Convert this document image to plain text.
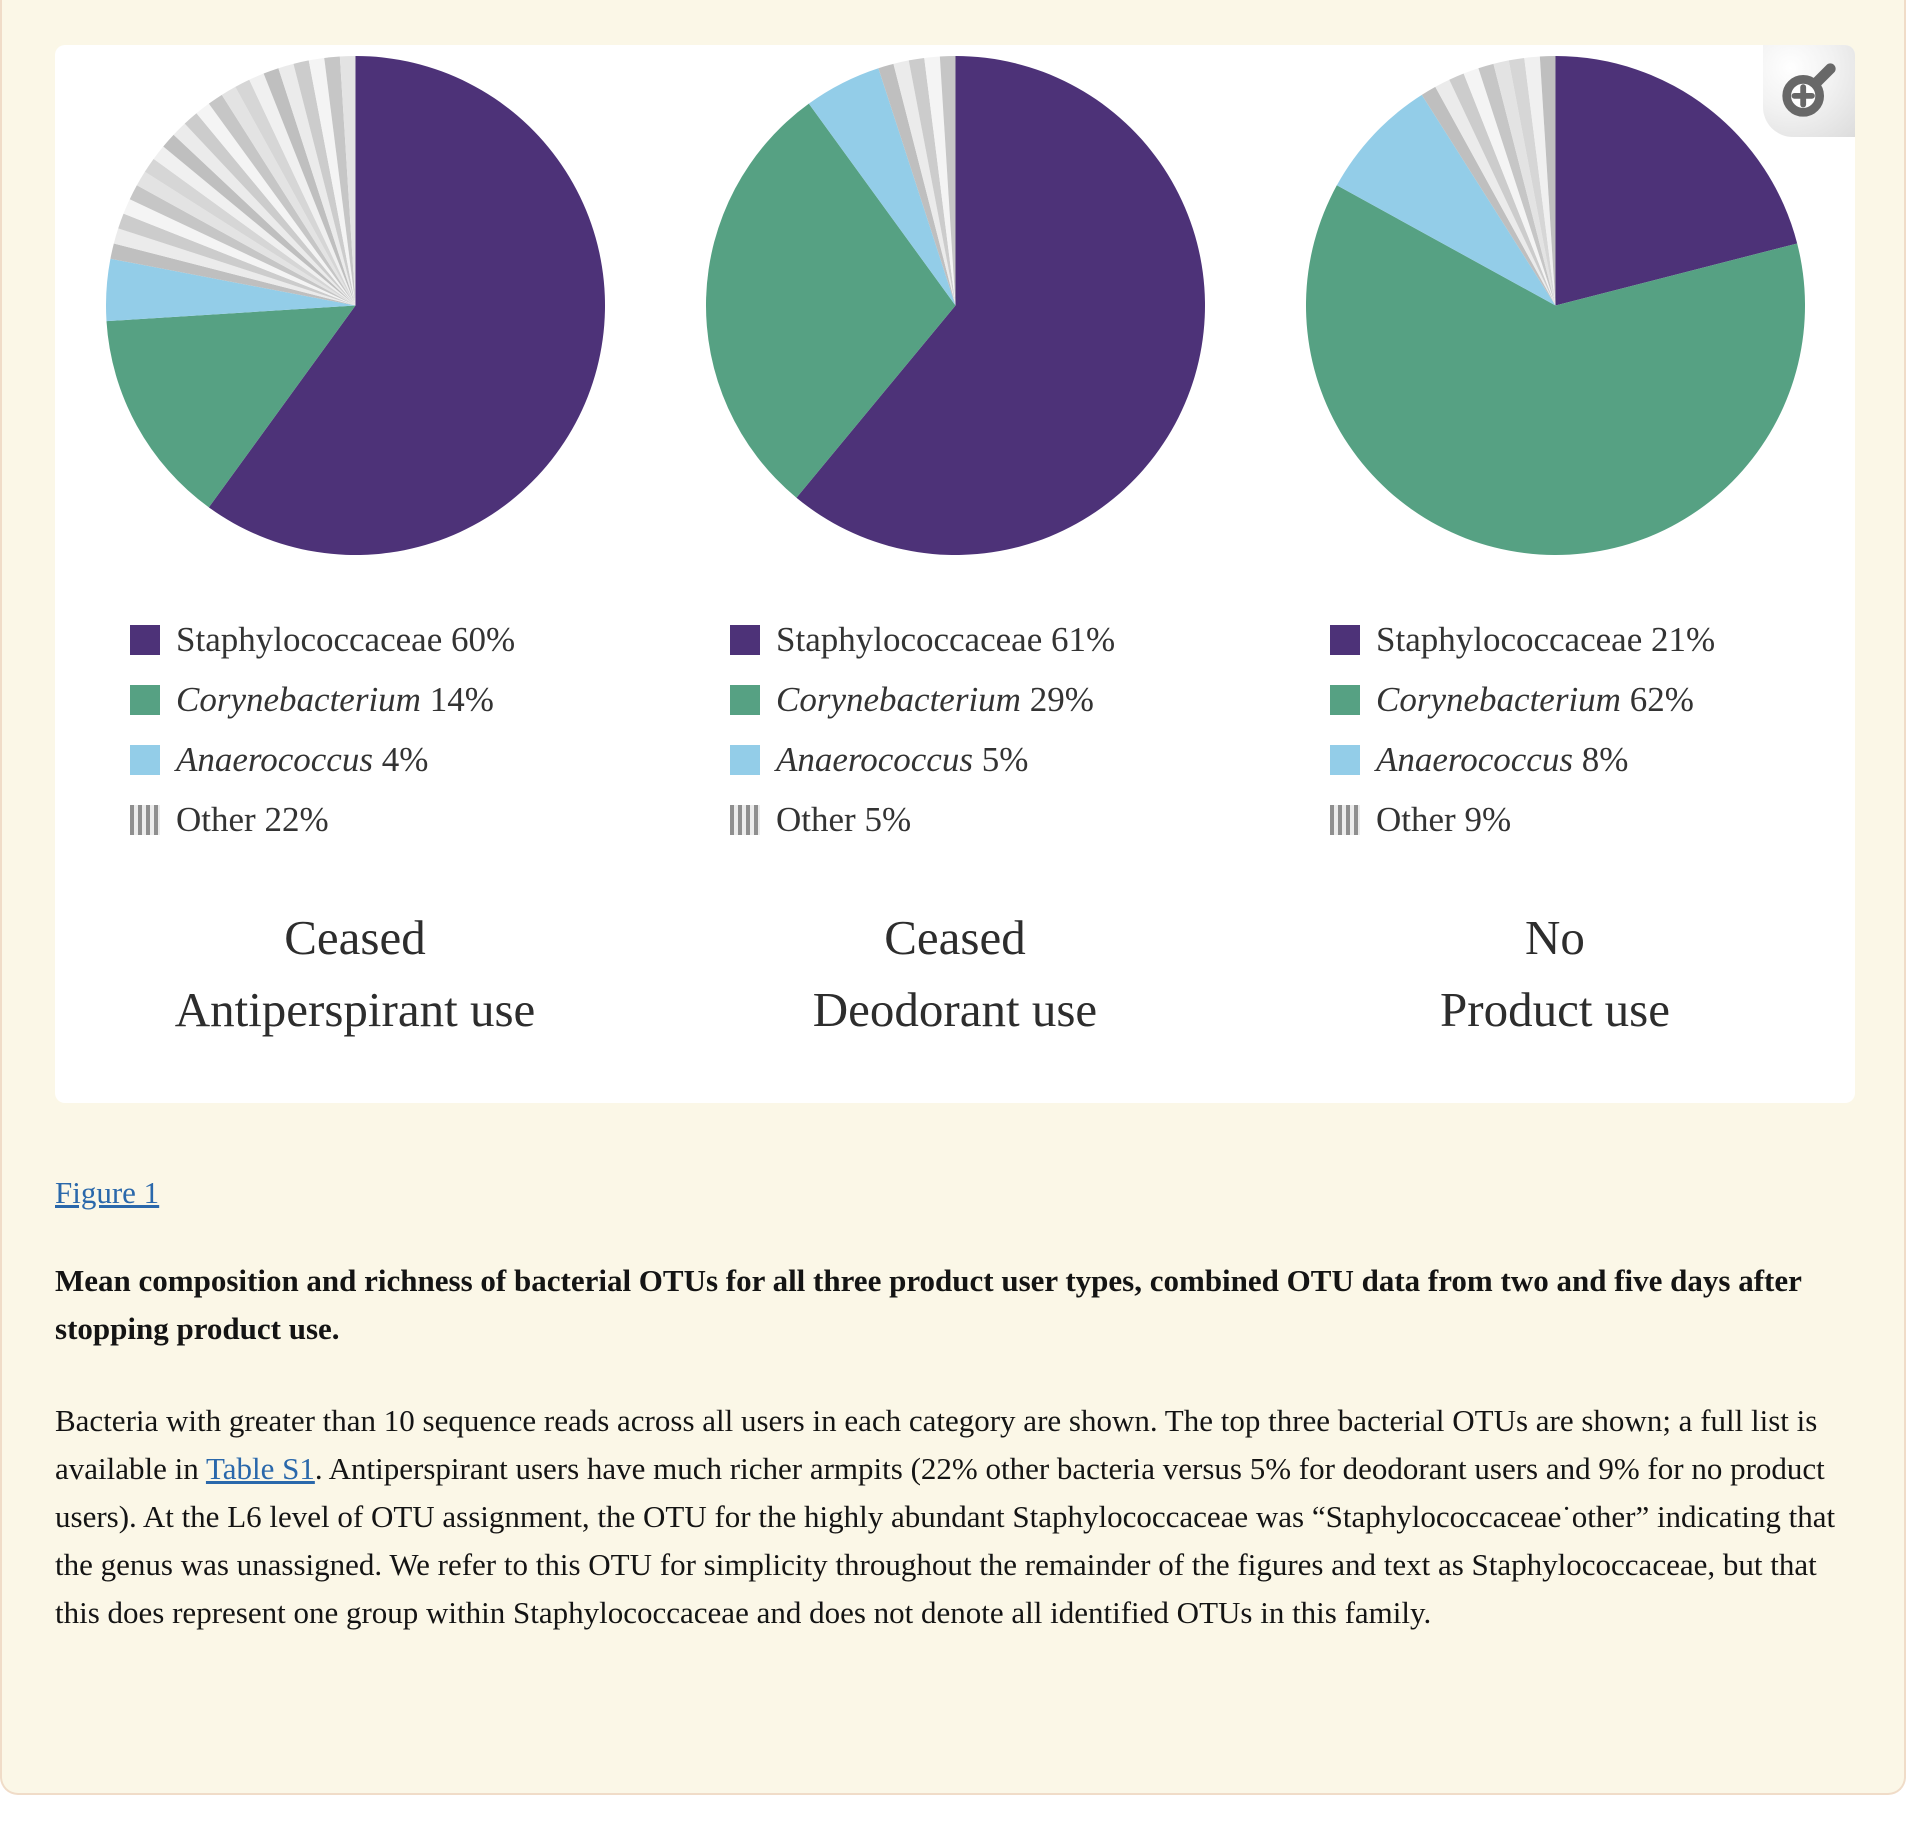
Staphylococcaceae
60%
Corynebacterium
14%
Anaerococcus
4%
Other
22%
Ceased
Antiperspirant use
Staphylococcaceae
61%
Corynebacterium
29%
Anaerococcus
5%
Other
5%
Ceased
Deodorant use
Staphylococcaceae
21%
Corynebacterium
62%
Anaerococcus
8%
Other
9%
No
Product use
Figure 1

Mean composition and richness of bacterial OTUs for all three product user types, combined OTU data from two and five days after stopping product use.

Bacteria with greater than 10 sequence reads across all users in each category are shown. The top three bacterial OTUs are shown; a full list is available in Table S1. Antiperspirant users have much richer armpits (22% other bacteria versus 5% for deodorant users and 9% for no product users). At the L6 level of OTU assignment, the OTU for the highly abundant Staphylococcaceae was “Staphylococcaceae˙other” indicating that the genus was unassigned. We refer to this OTU for simplicity throughout the remainder of the figures and text as Staphylococcaceae, but that this does represent one group within Staphylococcaceae and does not denote all identified OTUs in this family.
